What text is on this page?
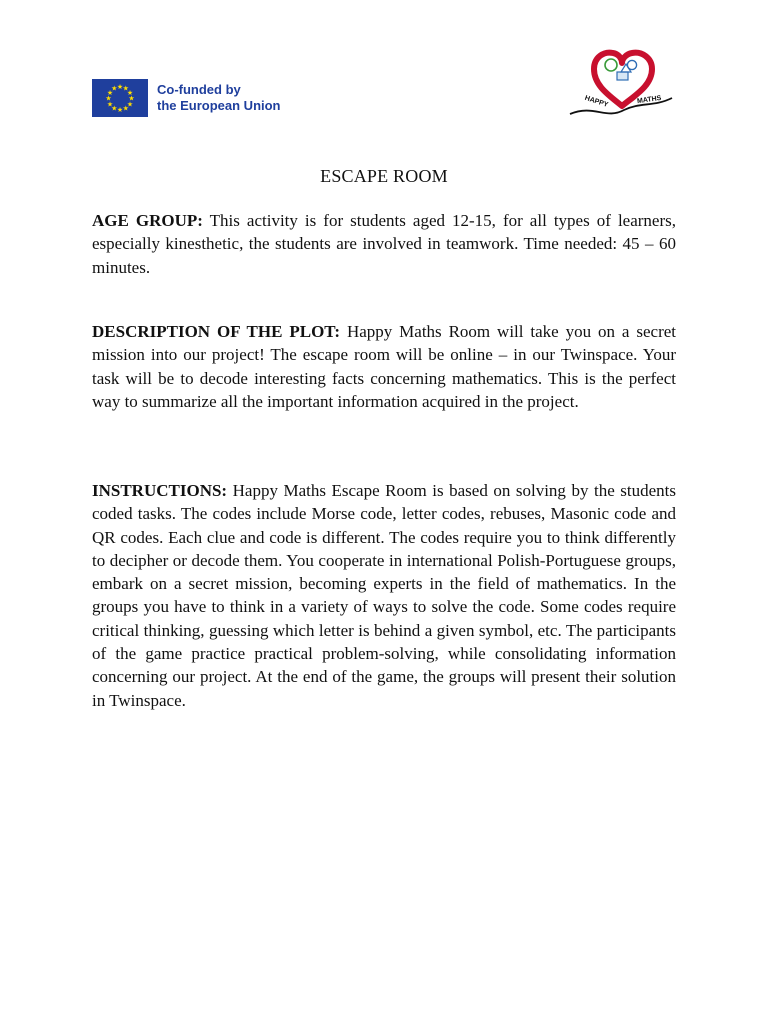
★ ★
★
★
★
★
★
★
★
★
★
★	Co-funded by
the European Union	HAPPY	MATHS
ESCAPE ROOM
AGE GROUP: This activity is for students aged 12-15, for all types of learners, especially kinesthetic, the students are involved in teamwork. Time needed: 45 – 60 minutes.
DESCRIPTION OF THE PLOT: Happy Maths Room will take you on a secret mission into our project! The escape room will be online – in our Twinspace. Your task will be to decode interesting facts concerning mathematics. This is the perfect way to summarize all the important information acquired in the project.
INSTRUCTIONS: Happy Maths Escape Room is based on solving by the students coded tasks. The codes include Morse code, letter codes, rebuses, Masonic code and QR codes. Each clue and code is different. The codes require you to think differently to decipher or decode them. You cooperate in international Polish-Portuguese groups, embark on a secret mission, becoming experts in the field of mathematics. In the groups you have to think in a variety of ways to solve the code. Some codes require critical thinking, guessing which letter is behind a given symbol, etc. The participants of the game practice practical problem-solving, while consolidating information concerning our project. At the end of the game, the groups will present their solution in Twinspace.
